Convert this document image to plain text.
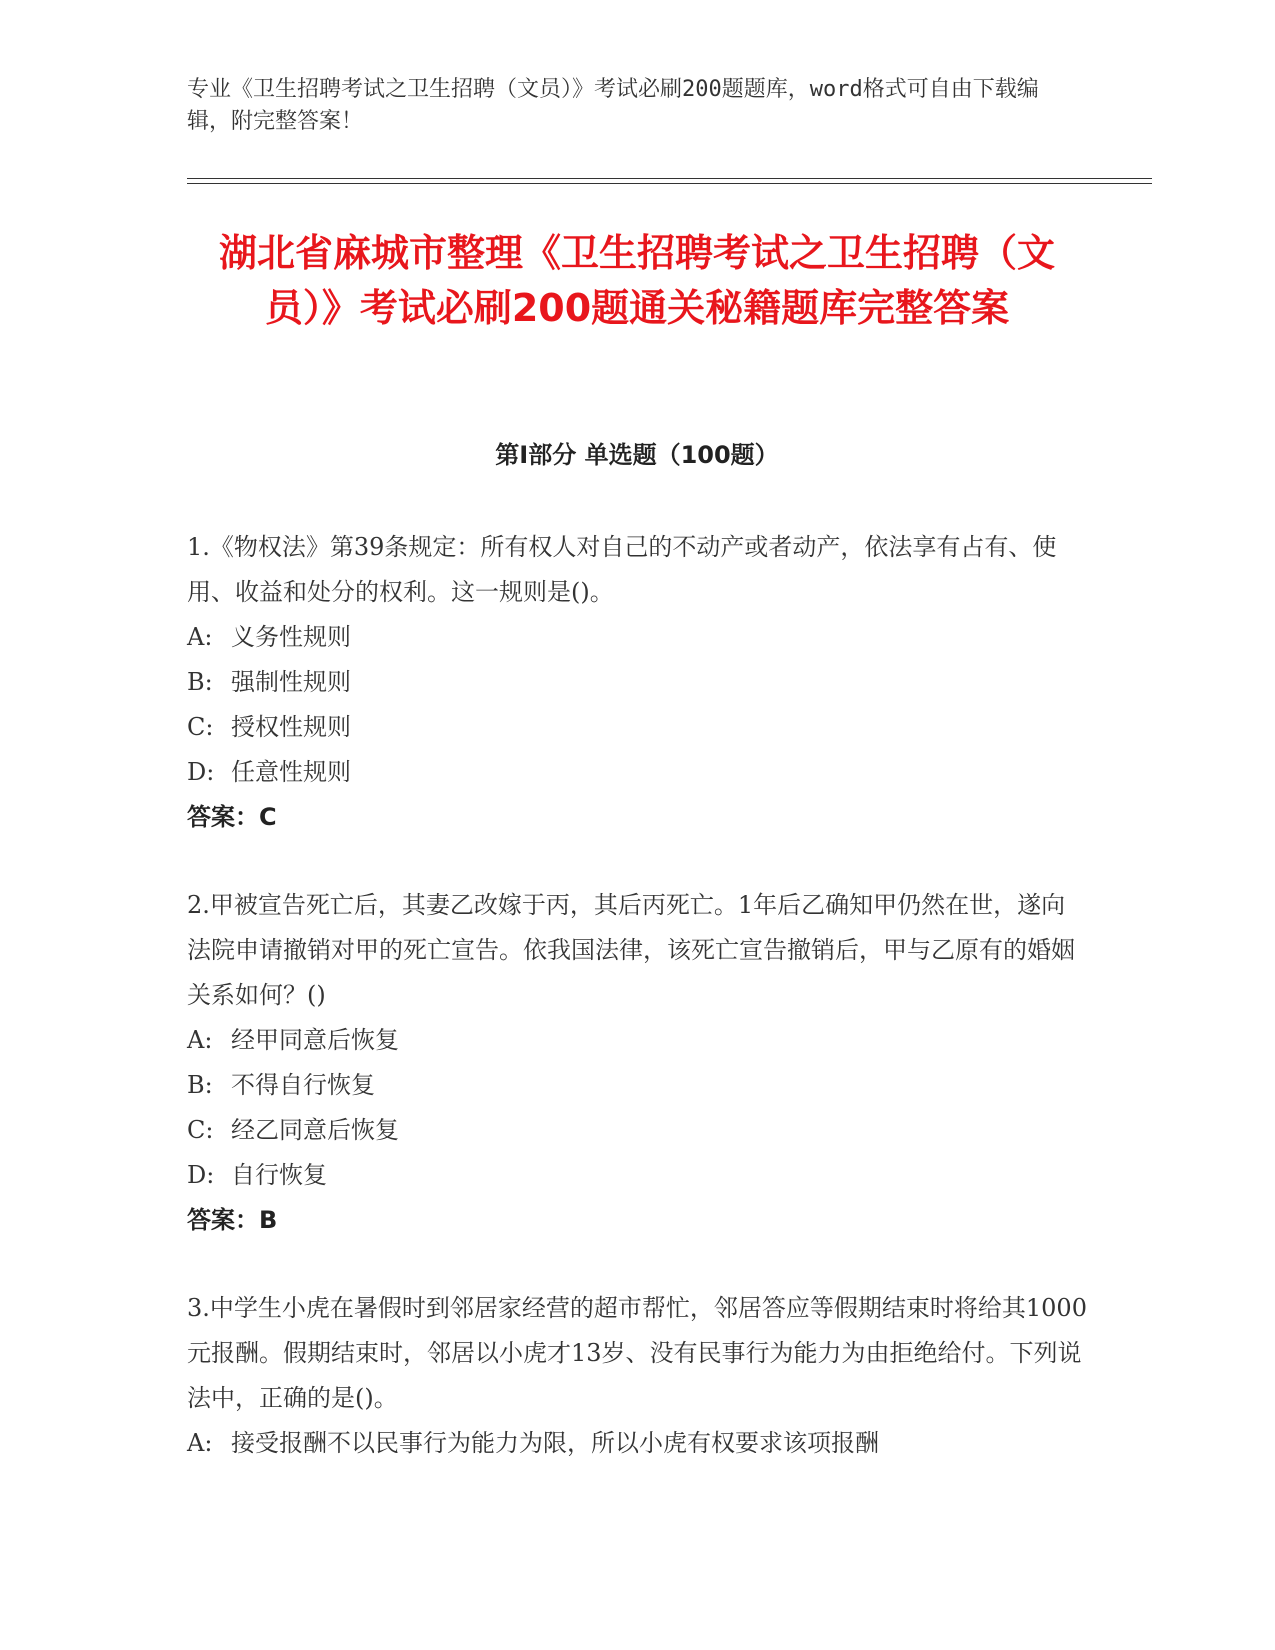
专业《卫生招聘考试之卫生招聘（文员）》考试必刷200题题库，word格式可自由下载编辑，附完整答案！
湖北省麻城市整理《卫生招聘考试之卫生招聘（文员）》考试必刷200题通关秘籍题库完整答案
第Ⅰ部分 单选题（100题）

1.《物权法》第39条规定：所有权人对自己的不动产或者动产，依法享有占有、使用、收益和处分的权利。这一规则是()。

A: 义务性规则

B: 强制性规则

C: 授权性规则

D: 任意性规则

答案：C

2.甲被宣告死亡后，其妻乙改嫁于丙，其后丙死亡。1年后乙确知甲仍然在世，遂向法院申请撤销对甲的死亡宣告。依我国法律，该死亡宣告撤销后，甲与乙原有的婚姻关系如何？()

A: 经甲同意后恢复

B: 不得自行恢复

C: 经乙同意后恢复

D: 自行恢复

答案：B

3.中学生小虎在暑假时到邻居家经营的超市帮忙，邻居答应等假期结束时将给其1000元报酬。假期结束时，邻居以小虎才13岁、没有民事行为能力为由拒绝给付。下列说法中，正确的是()。

A: 接受报酬不以民事行为能力为限，所以小虎有权要求该项报酬
